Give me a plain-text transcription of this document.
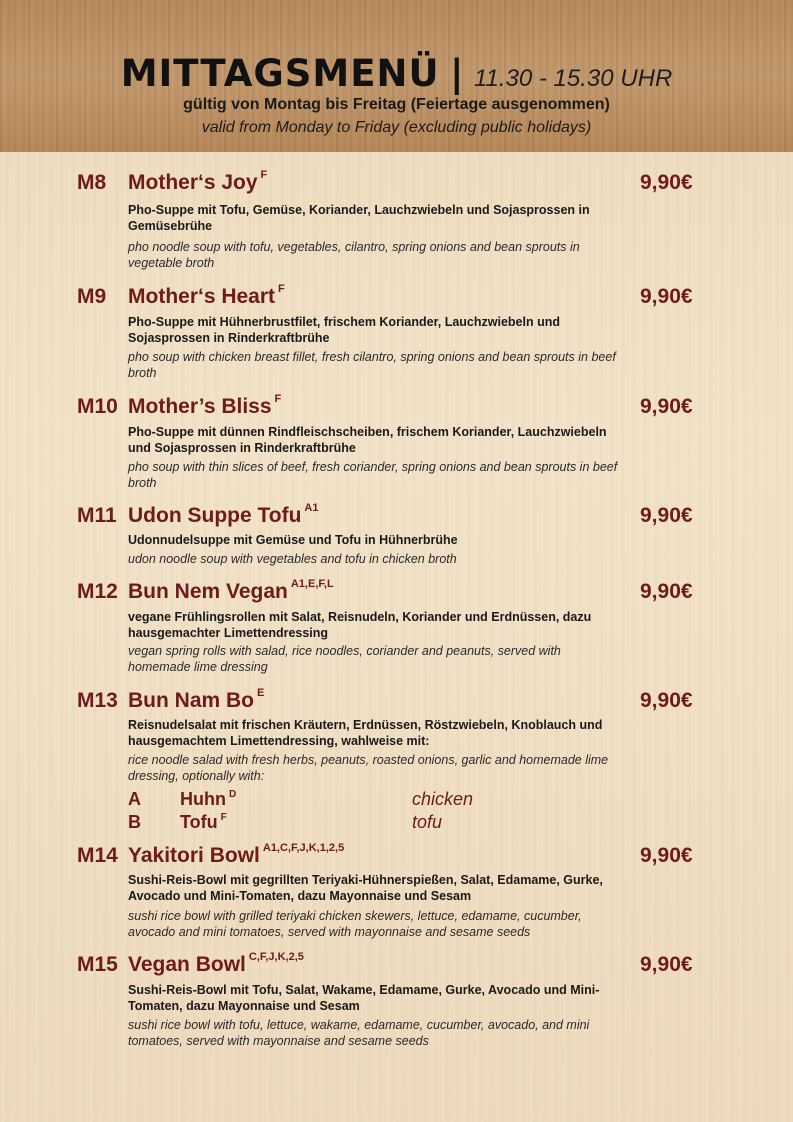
MITTAGSMENÜ | 11.30 - 15.30 UHR
gültig von Montag bis Freitag (Feiertage ausgenommen)
valid from Monday to Friday (excluding public holidays)
M8 Mother‘s Joy $^F$	9,90€
Pho-Suppe mit Tofu, Gemüse, Koriander, Lauchzwiebeln und Sojasprossen in Gemüsebrühe
pho noodle soup with tofu, vegetables, cilantro, spring onions and bean sprouts in vegetable broth
M9 Mother‘s Heart $^F$	9,90€
Pho-Suppe mit Hühnerbrustfilet, frischem Koriander, Lauchzwiebeln und Sojasprossen in Rinderkraftbrühe
pho soup with chicken breast fillet, fresh cilantro, spring onions and bean sprouts in beef broth
M10 Mother’s Bliss $^F$	9,90€
Pho-Suppe mit dünnen Rindfleischscheiben, frischem Koriander, Lauchzwiebeln und Sojasprossen in Rinderkraftbrühe
pho soup with thin slices of beef, fresh coriander, spring onions and bean sprouts in beef broth
M11 Udon Suppe Tofu $^{A1}$	9,90€
Udonnudelsuppe mit Gemüse und Tofu in Hühnerbrühe
udon noodle soup with vegetables and tofu in chicken broth
M12 Bun Nem Vegan $^{A1,E,F,L}$	9,90€
vegane Frühlingsrollen mit Salat, Reisnudeln, Koriander und Erdnüssen, dazu hausgemachter Limettendressing
vegan spring rolls with salad, rice noodles, coriander and peanuts, served with homemade lime dressing
M13 Bun Nam Bo $^E$	9,90€
Reisnudelsalat mit frischen Kräutern, Erdnüssen, Röstzwiebeln, Knoblauch und hausgemachtem Limettendressing, wahlweise mit:
rice noodle salad with fresh herbs, peanuts, roasted onions, garlic and homemade lime dressing, optionally with:
A Huhn $^D$	chicken
B Tofu $^F$	tofu
M14 Yakitori Bowl $^{A1,C,F,J,K,1,2,5}$	9,90€
Sushi-Reis-Bowl mit gegrillten Teriyaki-Hühnerspießen, Salat, Edamame, Gurke, Avocado und Mini-Tomaten, dazu Mayonnaise und Sesam
sushi rice bowl with grilled teriyaki chicken skewers, lettuce, edamame, cucumber, avocado and mini tomatoes, served with mayonnaise and sesame seeds
M15 Vegan Bowl $^{C,F,J,K,2,5}$	9,90€
Sushi-Reis-Bowl mit Tofu, Salat, Wakame, Edamame, Gurke, Avocado und Mini-Tomaten, dazu Mayonnaise und Sesam
sushi rice bowl with tofu, lettuce, wakame, edamame, cucumber, avocado, and mini tomatoes, served with mayonnaise and sesame seeds
